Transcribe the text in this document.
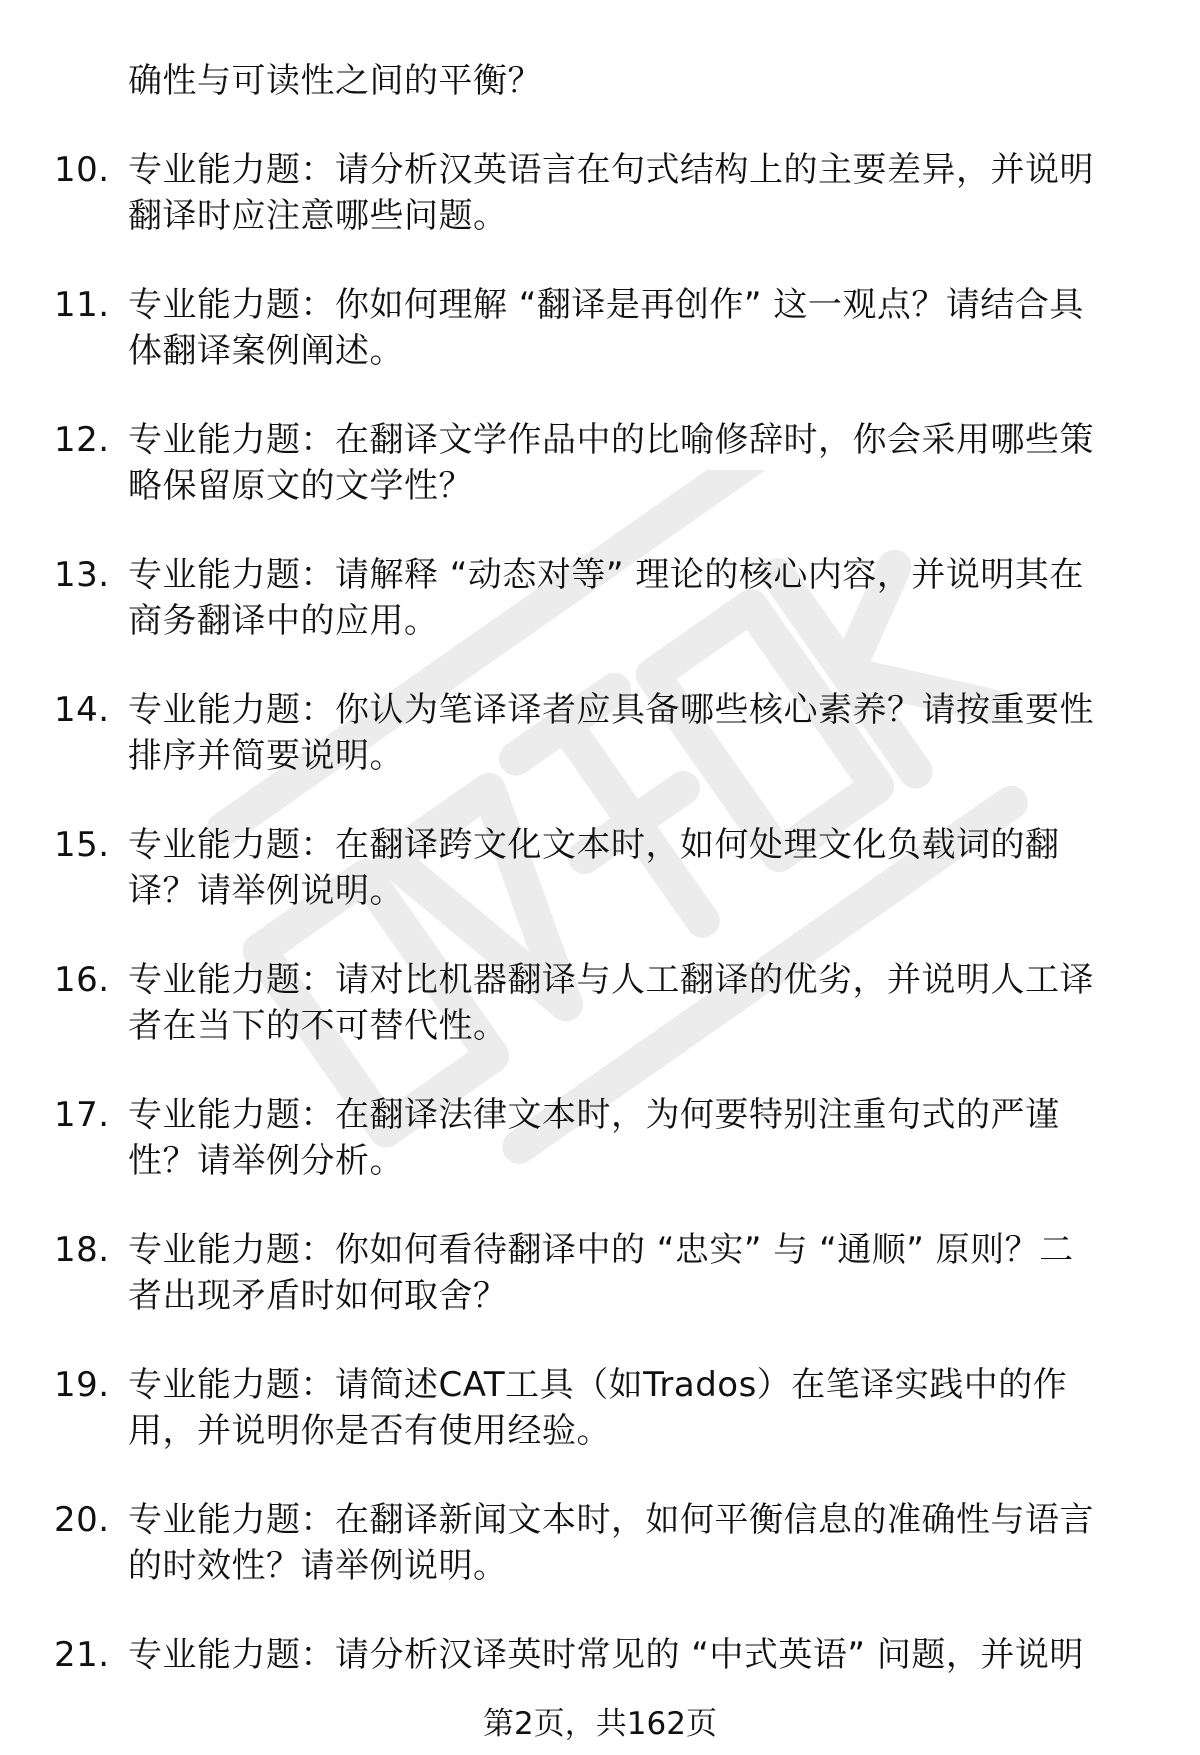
确性与可读性之间的平衡？
10. 专业能力题：请分析汉英语言在句式结构上的主要差异，并说明
翻译时应注意哪些问题。
11. 专业能力题：你如何理解 “翻译是再创作” 这一观点？请结合具
体翻译案例阐述。
12. 专业能力题：在翻译文学作品中的比喻修辞时，你会采用哪些策
略保留原文的文学性？
13. 专业能力题：请解释 “动态对等” 理论的核心内容，并说明其在
商务翻译中的应用。
14. 专业能力题：你认为笔译译者应具备哪些核心素养？请按重要性
排序并简要说明。
15. 专业能力题：在翻译跨文化文本时，如何处理文化负载词的翻
译？请举例说明。
16. 专业能力题：请对比机器翻译与人工翻译的优劣，并说明人工译
者在当下的不可替代性。
17. 专业能力题：在翻译法律文本时，为何要特别注重句式的严谨
性？请举例分析。
18. 专业能力题：你如何看待翻译中的 “忠实” 与 “通顺” 原则？二
者出现矛盾时如何取舍？
19. 专业能力题：请简述CAT工具（如Trados）在笔译实践中的作
用，并说明你是否有使用经验。
20. 专业能力题：在翻译新闻文本时，如何平衡信息的准确性与语言
的时效性？请举例说明。
21. 专业能力题：请分析汉译英时常见的 “中式英语” 问题，并说明
第2页，共162页
